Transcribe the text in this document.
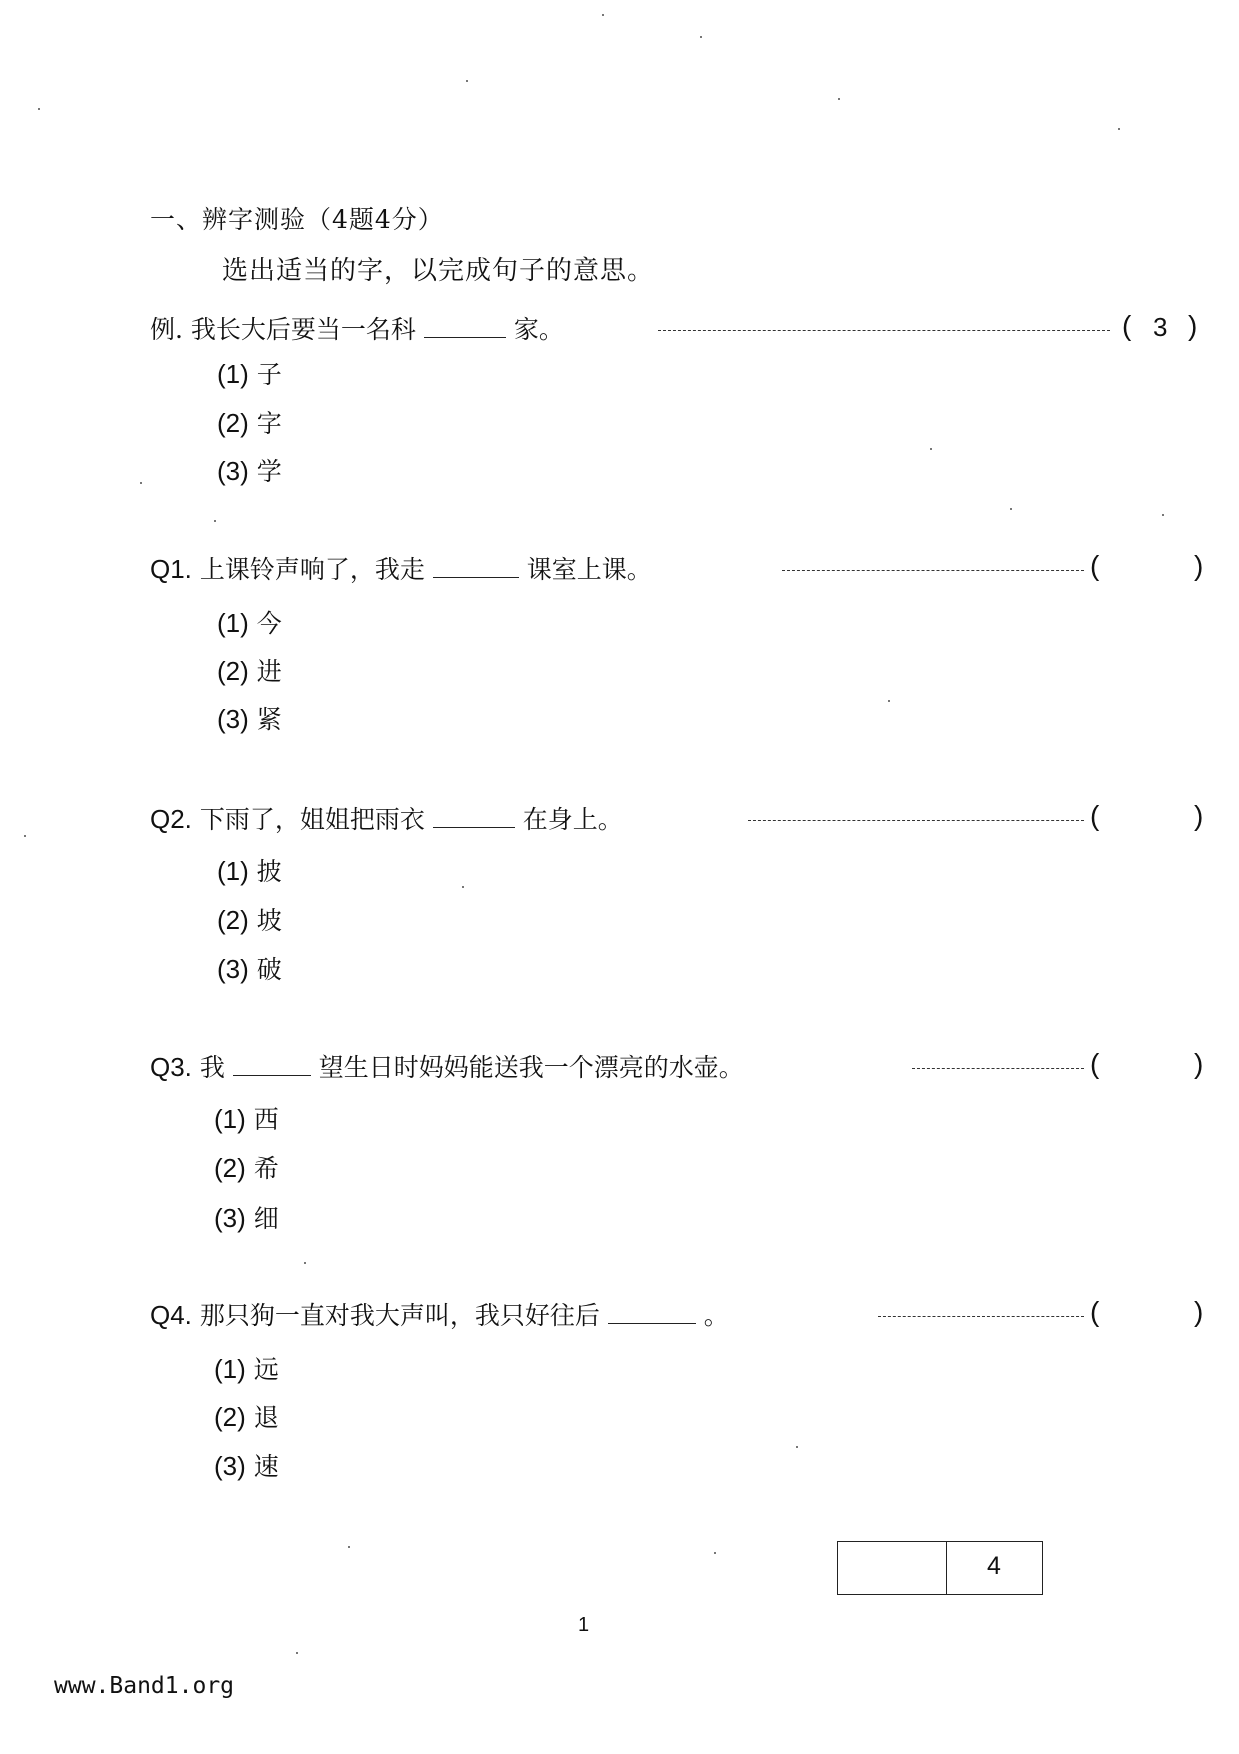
一、辨字测验（4题4分）
选出适当的字，以完成句子的意思。
例. 我长大后要当一名科	家。	( 3 )
(1) 子
(2) 字
(3) 学
Q1. 上课铃声响了，我走	课室上课。	(	)
(1) 今
(2) 进
(3) 紧
Q2. 下雨了，姐姐把雨衣	在身上。	(	)
(1) 披
(2) 坡
(3) 破
Q3. 我	望生日时妈妈能送我一个漂亮的水壶。	(	)
(1) 西
(2) 希
(3) 细
Q4. 那只狗一直对我大声叫，我只好往后	。	(	)
(1) 远
(2) 退
(3) 速
4
1
www.Band1.org
